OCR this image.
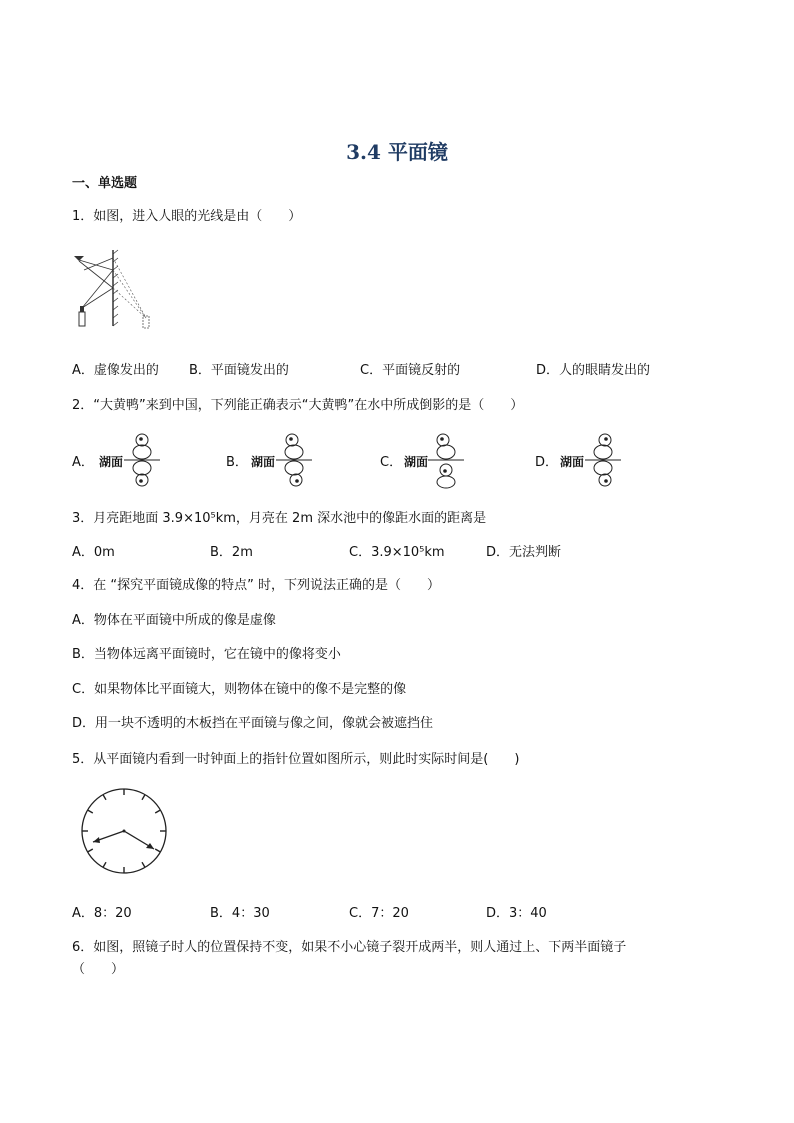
3.4 平面镜
一、单选题
1．如图，进入人眼的光线是由（　　）
A．虚像发出的 B．平面镜发出的	C．平面镜反射的	D．人的眼睛发出的
2．“大黄鸭”来到中国，下列能正确表示“大黄鸭”在水中所成倒影的是（　　）
A． 湖面	B． 湖面	C． 湖面	D． 湖面
3．月亮距地面 3.9×10⁵km，月亮在 2m 深水池中的像距水面的距离是
A．0m	B．2m	C．3.9×10⁵km	D．无法判断
4．在 “探究平面镜成像的特点” 时，下列说法正确的是（　　）
A．物体在平面镜中所成的像是虚像
B．当物体远离平面镜时，它在镜中的像将变小
C．如果物体比平面镜大，则物体在镜中的像不是完整的像
D．用一块不透明的木板挡在平面镜与像之间，像就会被遮挡住
5．从平面镜内看到一时钟面上的指针位置如图所示，则此时实际时间是(　　)
A．8：20	B．4：30	C．7：20	D．3：40
6．如图，照镜子时人的位置保持不变，如果不小心镜子裂开成两半，则人通过上、下两半面镜子
（　　）
